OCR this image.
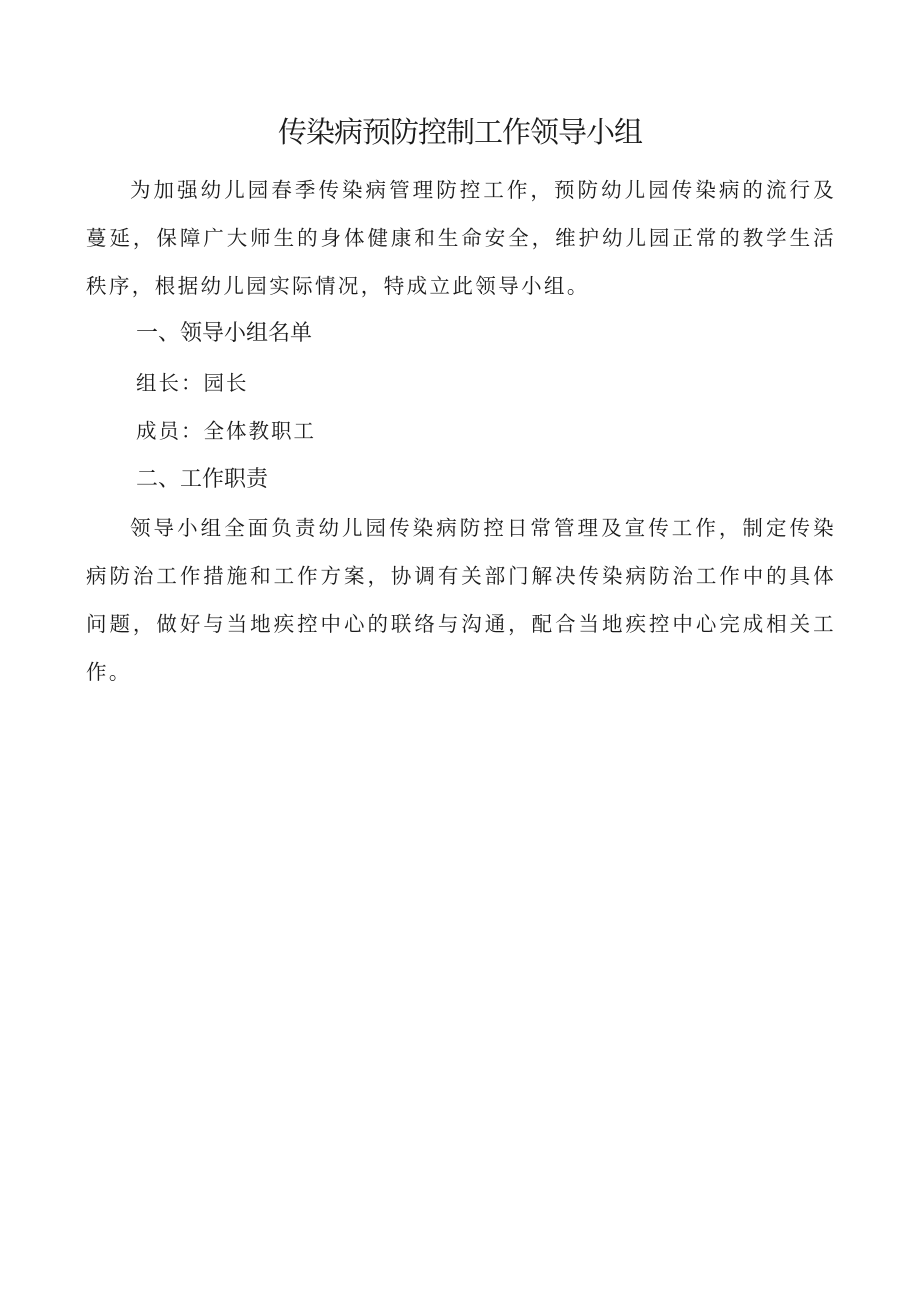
传染病预防控制工作领导小组

为加强幼儿园春季传染病管理防控工作，预防幼儿园传染病的流行及蔓延，保障广大师生的身体健康和生命安全，维护幼儿园正常的教学生活秩序，根据幼儿园实际情况，特成立此领导小组。

一、领导小组名单

组长：园长

成员：全体教职工

二、工作职责

领导小组全面负责幼儿园传染病防控日常管理及宣传工作，制定传染病防治工作措施和工作方案，协调有关部门解决传染病防治工作中的具体问题，做好与当地疾控中心的联络与沟通，配合当地疾控中心完成相关工作。
